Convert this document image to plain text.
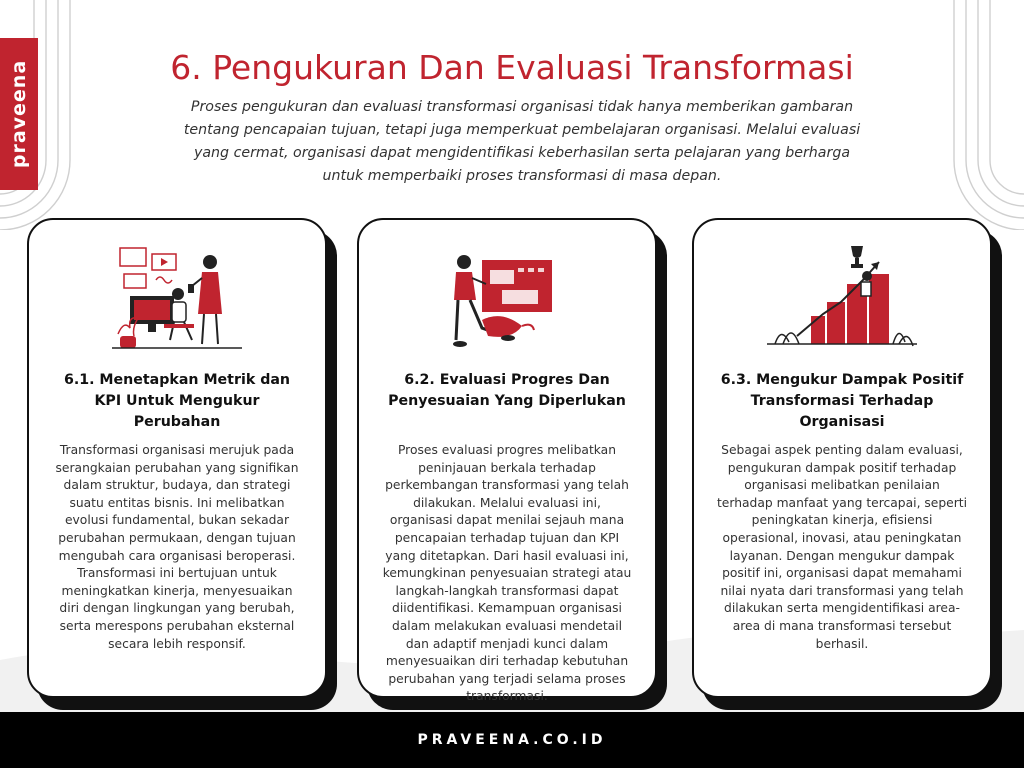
praveena	6. Pengukuran Dan Evaluasi Transformasi

Proses pengukuran dan evaluasi transformasi organisasi tidak hanya memberikan gambaran tentang pencapaian tujuan, tetapi juga memperkuat pembelajaran organisasi. Melalui evaluasi yang cermat, organisasi dapat mengidentifikasi keberhasilan serta pelajaran yang berharga untuk memperbaiki proses transformasi di masa depan.

6.1. Menetapkan Metrik dan KPI Untuk Mengukur Perubahan

Transformasi organisasi merujuk pada serangkaian perubahan yang signifikan dalam struktur, budaya, dan strategi suatu entitas bisnis. Ini melibatkan evolusi fundamental, bukan sekadar perubahan permukaan, dengan tujuan mengubah cara organisasi beroperasi. Transformasi ini bertujuan untuk meningkatkan kinerja, menyesuaikan diri dengan lingkungan yang berubah, serta merespons perubahan eksternal secara lebih responsif.

6.2. Evaluasi Progres Dan Penyesuaian Yang Diperlukan

Proses evaluasi progres melibatkan peninjauan berkala terhadap perkembangan transformasi yang telah dilakukan. Melalui evaluasi ini, organisasi dapat menilai sejauh mana pencapaian terhadap tujuan dan KPI yang ditetapkan. Dari hasil evaluasi ini, kemungkinan penyesuaian strategi atau langkah-langkah transformasi dapat diidentifikasi. Kemampuan organisasi dalam melakukan evaluasi mendetail dan adaptif menjadi kunci dalam menyesuaikan diri terhadap kebutuhan perubahan yang terjadi selama proses transformasi.

6.3. Mengukur Dampak Positif Transformasi Terhadap Organisasi

Sebagai aspek penting dalam evaluasi, pengukuran dampak positif terhadap organisasi melibatkan penilaian terhadap manfaat yang tercapai, seperti peningkatan kinerja, efisiensi operasional, inovasi, atau peningkatan layanan. Dengan mengukur dampak positif ini, organisasi dapat memahami nilai nyata dari transformasi yang telah dilakukan serta mengidentifikasi area-area di mana transformasi tersebut berhasil.

PRAVEENA.CO.ID
